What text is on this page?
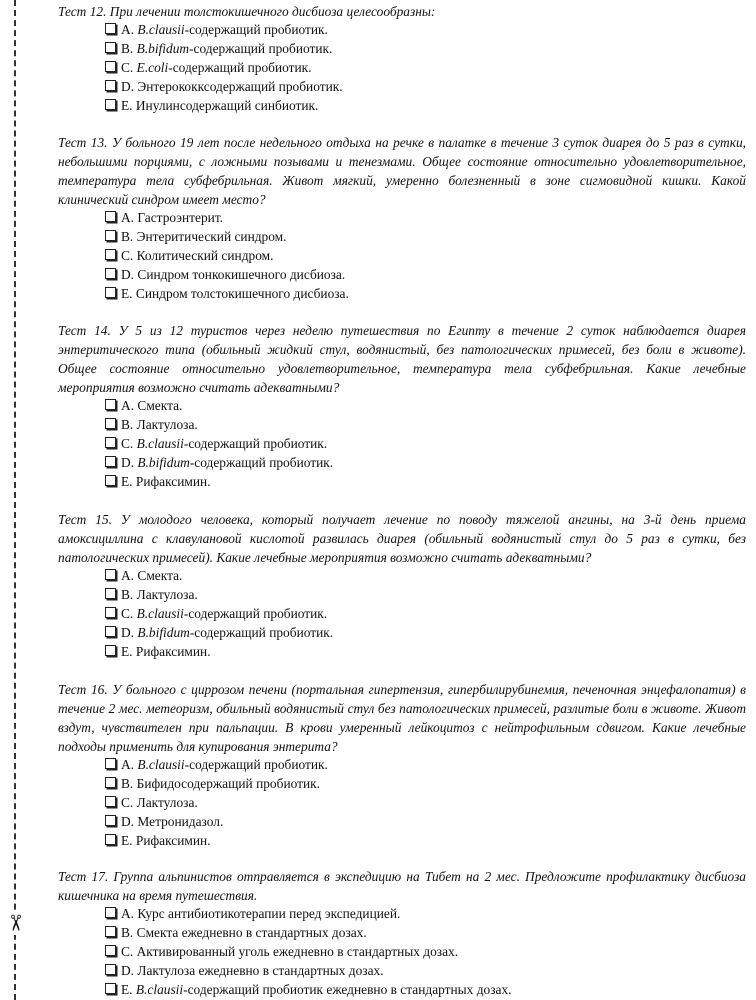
✂

Тест 12. При лечении толстокишечного дисбиоза целесообразны:

A. B.clausii-содержащий пробиотик.
B. B.bifidum-содержащий пробиотик.
C. E.coli-содержащий пробиотик.
D. Энтерококксодержащий пробиотик.
E. Инулинсодержащий синбиотик.

Тест 13. У больного 19 лет после недельного отдыха на речке в палатке в течение 3 суток диарея до 5 раз в сутки, небольшими порциями, с ложными позывами и тенезмами. Общее состояние относительно удовлетворительное, температура тела субфебрильная. Живот мягкий, умеренно болезненный в зоне сигмовидной кишки. Какой клинический синдром имеет место?

A. Гастроэнтерит.
B. Энтеритический синдром.
C. Колитический синдром.
D. Синдром тонкокишечного дисбиоза.
E. Синдром толстокишечного дисбиоза.

Тест 14. У 5 из 12 туристов через неделю путешествия по Египту в течение 2 суток наблюдается диарея энтеритического типа (обильный жидкий стул, водянистый, без патологических примесей, без боли в животе). Общее состояние относительно удовлетворительное, температура тела субфебрильная. Какие лечебные мероприятия возможно считать адекватными?

A. Смекта.
B. Лактулоза.
C. B.clausii-содержащий пробиотик.
D. B.bifidum-содержащий пробиотик.
E. Рифаксимин.

Тест 15. У молодого человека, который получает лечение по поводу тяжелой ангины, на 3-й день приема амоксициллина с клавулановой кислотой развилась диарея (обильный водянистый стул до 5 раз в сутки, без патологических примесей). Какие лечебные мероприятия возможно считать адекватными?

A. Смекта.
B. Лактулоза.
C. B.clausii-содержащий пробиотик.
D. B.bifidum-содержащий пробиотик.
E. Рифаксимин.

Тест 16. У больного с циррозом печени (портальная гипертензия, гипербилирубинемия, печеночная энцефалопатия) в течение 2 мес. метеоризм, обильный водянистый стул без патологических примесей, разлитые боли в животе. Живот вздут, чувствителен при пальпации. В крови умеренный лейкоцитоз с нейтрофильным сдвигом. Какие лечебные подходы применить для купирования энтерита?

A. B.clausii-содержащий пробиотик.
B. Бифидосодержащий пробиотик.
C. Лактулоза.
D. Метронидазол.
E. Рифаксимин.

Тест 17. Группа альпинистов отправляется в экспедицию на Тибет на 2 мес. Предложите профилактику дисбиоза кишечника на время путешествия.

A. Курс антибиотикотерапии перед экспедицией.
B. Смекта ежедневно в стандартных дозах.
C. Активированный уголь ежедневно в стандартных дозах.
D. Лактулоза ежедневно в стандартных дозах.
E. B.clausii-содержащий пробиотик ежедневно в стандартных дозах.
